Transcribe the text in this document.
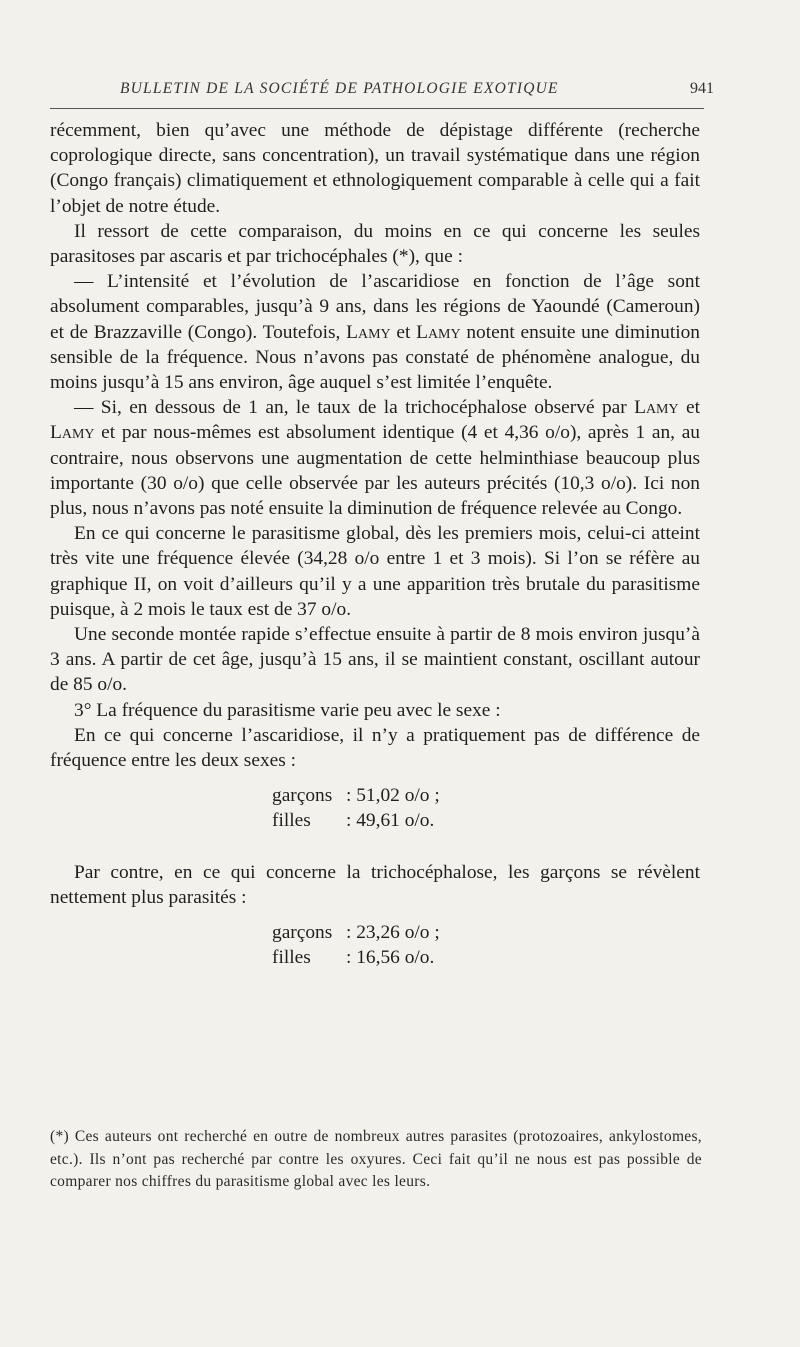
BULLETIN DE LA SOCIÉTÉ DE PATHOLOGIE EXOTIQUE	941

récemment, bien qu’avec une méthode de dépistage différente (recherche coprologique directe, sans concentration), un travail systématique dans une région (Congo français) climatiquement et ethnologiquement comparable à celle qui a fait l’objet de notre étude.

Il ressort de cette comparaison, du moins en ce qui concerne les seules parasitoses par ascaris et par trichocéphales (*), que :

— L’intensité et l’évolution de l’ascaridiose en fonction de l’âge sont absolument comparables, jusqu’à 9 ans, dans les régions de Yaoundé (Cameroun) et de Brazzaville (Congo). Toutefois, Lamy et Lamy notent ensuite une diminution sensible de la fréquence. Nous n’avons pas constaté de phénomène analogue, du moins jusqu’à 15 ans environ, âge auquel s’est limitée l’enquête.

— Si, en dessous de 1 an, le taux de la trichocéphalose observé par Lamy et Lamy et par nous-mêmes est absolument identique (4 et 4,36 o/o), après 1 an, au contraire, nous observons une augmentation de cette helminthiase beaucoup plus importante (30 o/o) que celle observée par les auteurs précités (10,3 o/o). Ici non plus, nous n’avons pas noté ensuite la diminution de fréquence relevée au Congo.

En ce qui concerne le parasitisme global, dès les premiers mois, celui-ci atteint très vite une fréquence élevée (34,28 o/o entre 1 et 3 mois). Si l’on se réfère au graphique II, on voit d’ailleurs qu’il y a une apparition très brutale du parasitisme puisque, à 2 mois le taux est de 37 o/o.

Une seconde montée rapide s’effectue ensuite à partir de 8 mois environ jusqu’à 3 ans. A partir de cet âge, jusqu’à 15 ans, il se maintient constant, oscillant autour de 85 o/o.

3° La fréquence du parasitisme varie peu avec le sexe :

En ce qui concerne l’ascaridiose, il n’y a pratiquement pas de différence de fréquence entre les deux sexes :

garçons : 51,02 o/o ;
filles	: 49,61 o/o.

Par contre, en ce qui concerne la trichocéphalose, les garçons se révèlent nettement plus parasités :

garçons : 23,26 o/o ;
filles	: 16,56 o/o.
(*) Ces auteurs ont recherché en outre de nombreux autres parasites (protozoaires, ankylostomes, etc.). Ils n’ont pas recherché par contre les oxyures. Ceci fait qu’il ne nous est pas possible de comparer nos chiffres du parasitisme global avec les leurs.
